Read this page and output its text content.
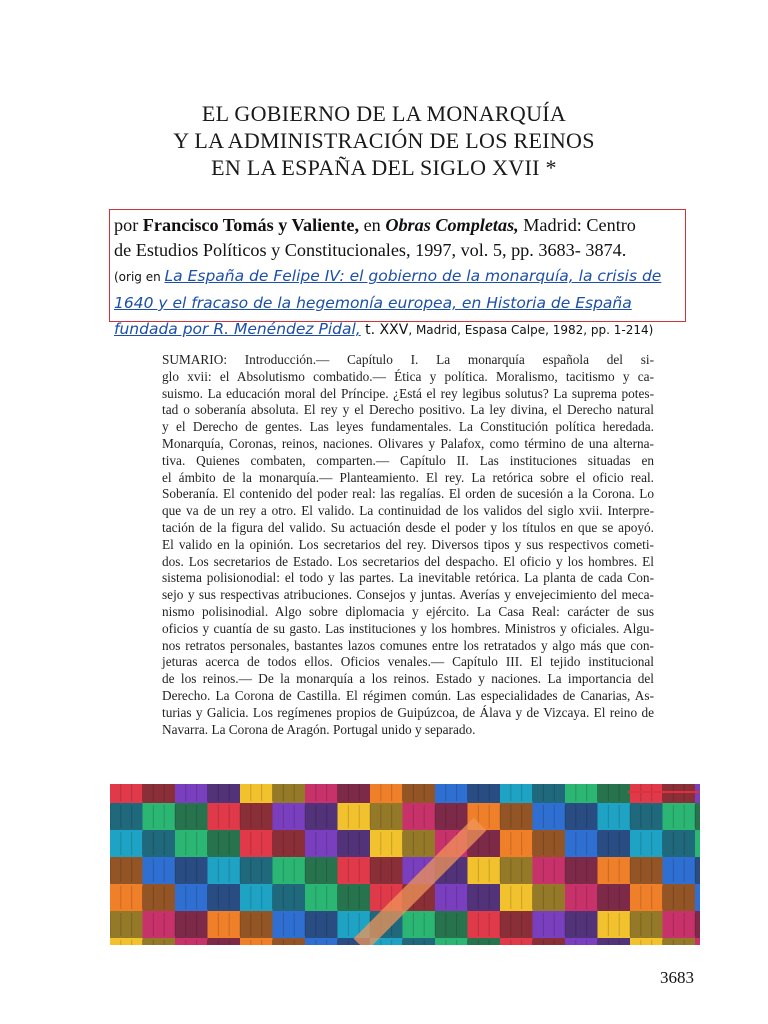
EL GOBIERNO DE LA MONARQUÍA
Y LA ADMINISTRACIÓN DE LOS REINOS
EN LA ESPAÑA DEL SIGLO XVII *
por Francisco Tomás y Valiente, en Obras Completas, Madrid: Centro
de Estudios Políticos y Constitucionales, 1997, vol. 5, pp. 3683- 3874.
(orig en La España de Felipe IV: el gobierno de la monarquía, la crisis de
1640 y el fracaso de la hegemonía europea, en Historia de España
fundada por R. Menéndez Pidal, t. XXV, Madrid, Espasa Calpe, 1982, pp. 1-214)
SUMARIO: Introducción.— Capítulo I. La monarquía española del si-
glo xvii: el Absolutismo combatido.— Ética y política. Moralismo, tacitismo y ca-
suismo. La educación moral del Príncipe. ¿Está el rey legibus solutus? La suprema potes-
tad o soberanía absoluta. El rey y el Derecho positivo. La ley divina, el Derecho natural
y el Derecho de gentes. Las leyes fundamentales. La Constitución política heredada.
Monarquía, Coronas, reinos, naciones. Olivares y Palafox, como término de una alterna-
tiva. Quienes combaten, comparten.— Capítulo II. Las instituciones situadas en
el ámbito de la monarquía.— Planteamiento. El rey. La retórica sobre el oficio real.
Soberanía. El contenido del poder real: las regalías. El orden de sucesión a la Corona. Lo
que va de un rey a otro. El valido. La continuidad de los validos del siglo xvii. Interpre-
tación de la figura del valido. Su actuación desde el poder y los títulos en que se apoyó.
El valido en la opinión. Los secretarios del rey. Diversos tipos y sus respectivos cometi-
dos. Los secretarios de Estado. Los secretarios del despacho. El oficio y los hombres. El
sistema polisionodial: el todo y las partes. La inevitable retórica. La planta de cada Con-
sejo y sus respectivas atribuciones. Consejos y juntas. Averías y envejecimiento del meca-
nismo polisinodial. Algo sobre diplomacia y ejército. La Casa Real: carácter de sus
oficios y cuantía de su gasto. Las instituciones y los hombres. Ministros y oficiales. Algu-
nos retratos personales, bastantes lazos comunes entre los retratados y algo más que con-
jeturas acerca de todos ellos. Oficios venales.— Capítulo III. El tejido institucional
de los reinos.— De la monarquía a los reinos. Estado y naciones. La importancia del
Derecho. La Corona de Castilla. El régimen común. Las especialidades de Canarias, As-
turias y Galicia. Los regímenes propios de Guipúzcoa, de Álava y de Vizcaya. El reino de
Navarra. La Corona de Aragón. Portugal unido y separado.
3683
